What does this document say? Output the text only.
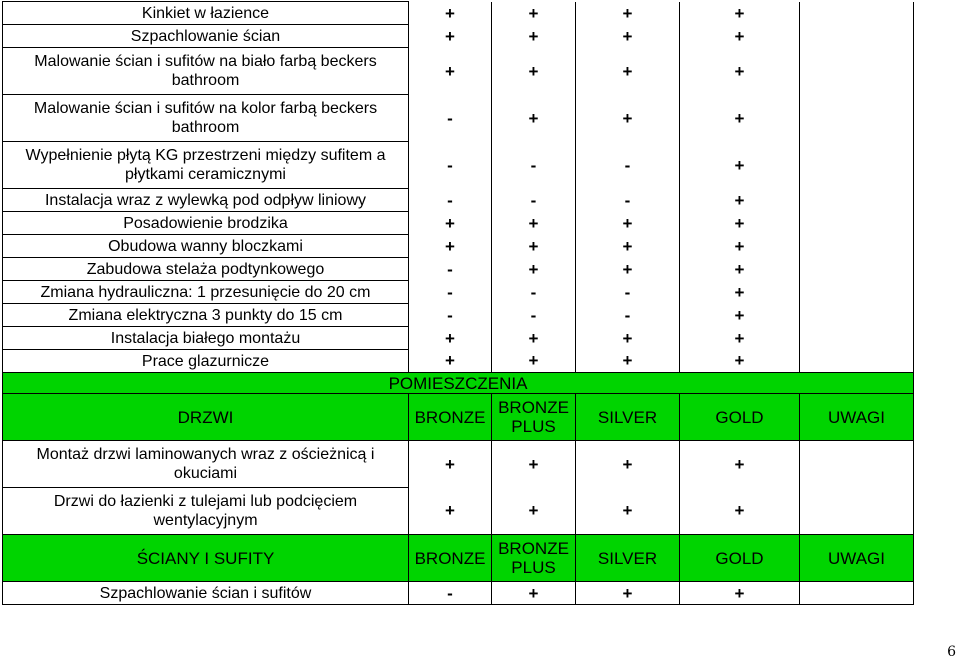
Kinkiet w łazience	+	+	+	+	
Szpachlowanie ścian	+	+	+	+	
Malowanie ścian i sufitów na biało farbą beckers bathroom	+	+	+	+	
Malowanie ścian i sufitów na kolor farbą beckers bathroom	-	+	+	+	
Wypełnienie płytą KG przestrzeni między sufitem a płytkami ceramicznymi	-	-	-	+	
Instalacja wraz z wylewką pod odpływ liniowy	-	-	-	+	
Posadowienie brodzika	+	+	+	+	
Obudowa wanny bloczkami	+	+	+	+	
Zabudowa stelaża podtynkowego	-	+	+	+	
Zmiana hydrauliczna: 1 przesunięcie do 20 cm	-	-	-	+	
Zmiana elektryczna 3 punkty do 15 cm	-	-	-	+	
Instalacja białego montażu	+	+	+	+	
Prace glazurnicze	+	+	+	+	
POMIESZCZENIA					
DRZWI	BRONZE	BRONZE PLUS	SILVER	GOLD	UWAGI
Montaż drzwi laminowanych wraz z ościeżnicą i okuciami	+	+	+	+	
Drzwi do łazienki z tulejami lub podcięciem wentylacyjnym	+	+	+	+	
ŚCIANY I SUFITY	BRONZE	BRONZE PLUS	SILVER	GOLD	UWAGI
Szpachlowanie ścian i sufitów	-	+	+	+	
6
